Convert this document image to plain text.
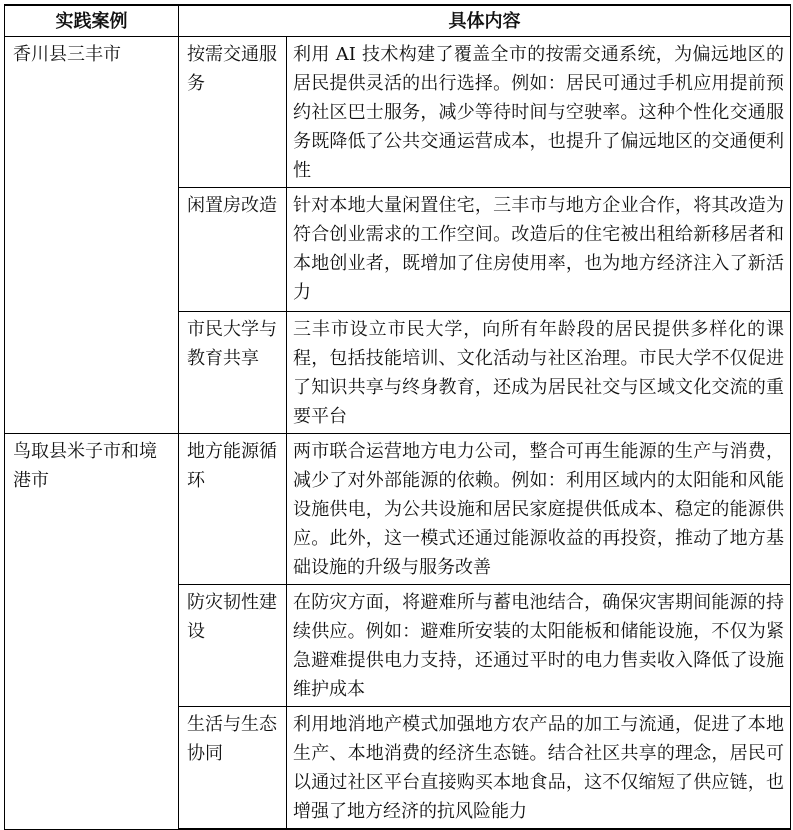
实践案例	具体内容	
香川县三丰市	按需交通服务	利用 AI 技术构建了覆盖全市的按需交通系统，为偏远地区的居民提供灵活的出行选择。例如：居民可通过手机应用提前预约社区巴士服务，减少等待时间与空驶率。这种个性化交通服务既降低了公共交通运营成本，也提升了偏远地区的交通便利性
	闲置房改造	针对本地大量闲置住宅，三丰市与地方企业合作，将其改造为符合创业需求的工作空间。改造后的住宅被出租给新移居者和本地创业者，既增加了住房使用率，也为地方经济注入了新活力
	市民大学与教育共享	三丰市设立市民大学，向所有年龄段的居民提供多样化的课程，包括技能培训、文化活动与社区治理。市民大学不仅促进了知识共享与终身教育，还成为居民社交与区域文化交流的重要平台
鸟取县米子市和境港市	地方能源循环	两市联合运营地方电力公司，整合可再生能源的生产与消费，减少了对外部能源的依赖。例如：利用区域内的太阳能和风能设施供电，为公共设施和居民家庭提供低成本、稳定的能源供应。此外，这一模式还通过能源收益的再投资，推动了地方基础设施的升级与服务改善
	防灾韧性建设	在防灾方面，将避难所与蓄电池结合，确保灾害期间能源的持续供应。例如：避难所安装的太阳能板和储能设施，不仅为紧急避难提供电力支持，还通过平时的电力售卖收入降低了设施维护成本
	生活与生态协同	利用地消地产模式加强地方农产品的加工与流通，促进了本地生产、本地消费的经济生态链。结合社区共享的理念，居民可以通过社区平台直接购买本地食品，这不仅缩短了供应链，也增强了地方经济的抗风险能力
